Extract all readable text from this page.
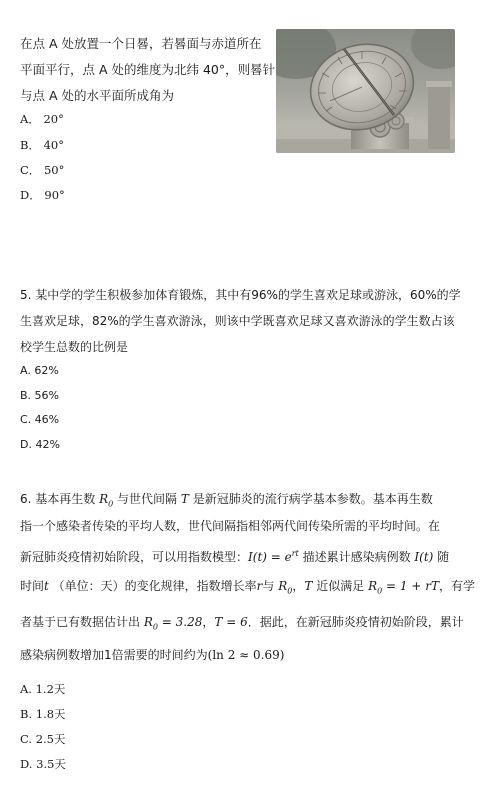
在点 A 处放置一个日晷，若晷面与赤道所在
平面平行，点 A 处的维度为北纬 40°，则晷针
与点 A 处的水平面所成角为
A． 20°
B． 40°
C． 50°
D． 90°
5. 某中学的学生积极参加体育锻炼，其中有96%的学生喜欢足球或游泳，60%的学
生喜欢足球，82%的学生喜欢游泳，则该中学既喜欢足球又喜欢游泳的学生数占该
校学生总数的比例是
A. 62%
B. 56%
C. 46%
D. 42%
6. 基本再生数 $R_0$ 与世代间隔 T 是新冠肺炎的流行病学基本参数。基本再生数
指一个感染者传染的平均人数，世代间隔指相邻两代间传染所需的平均时间。在
新冠肺炎疫情初始阶段，可以用指数模型：$I(t) = e^{rt}$ 描述累计感染病例数 I(t) 随
时间t （单位：天）的变化规律，指数增长率r与 $R_0$，T 近似满足 $R_0 = 1$ + rT，有学
者基于已有数据估计出 $R_0 = 3.28$，T = 6．据此，在新冠肺炎疫情初始阶段，累计
感染病例数增加1倍需要的时间约为(ln 2 ≈ 0.69)
A. 1.2天
B. 1.8天
C. 2.5天
D. 3.5天
